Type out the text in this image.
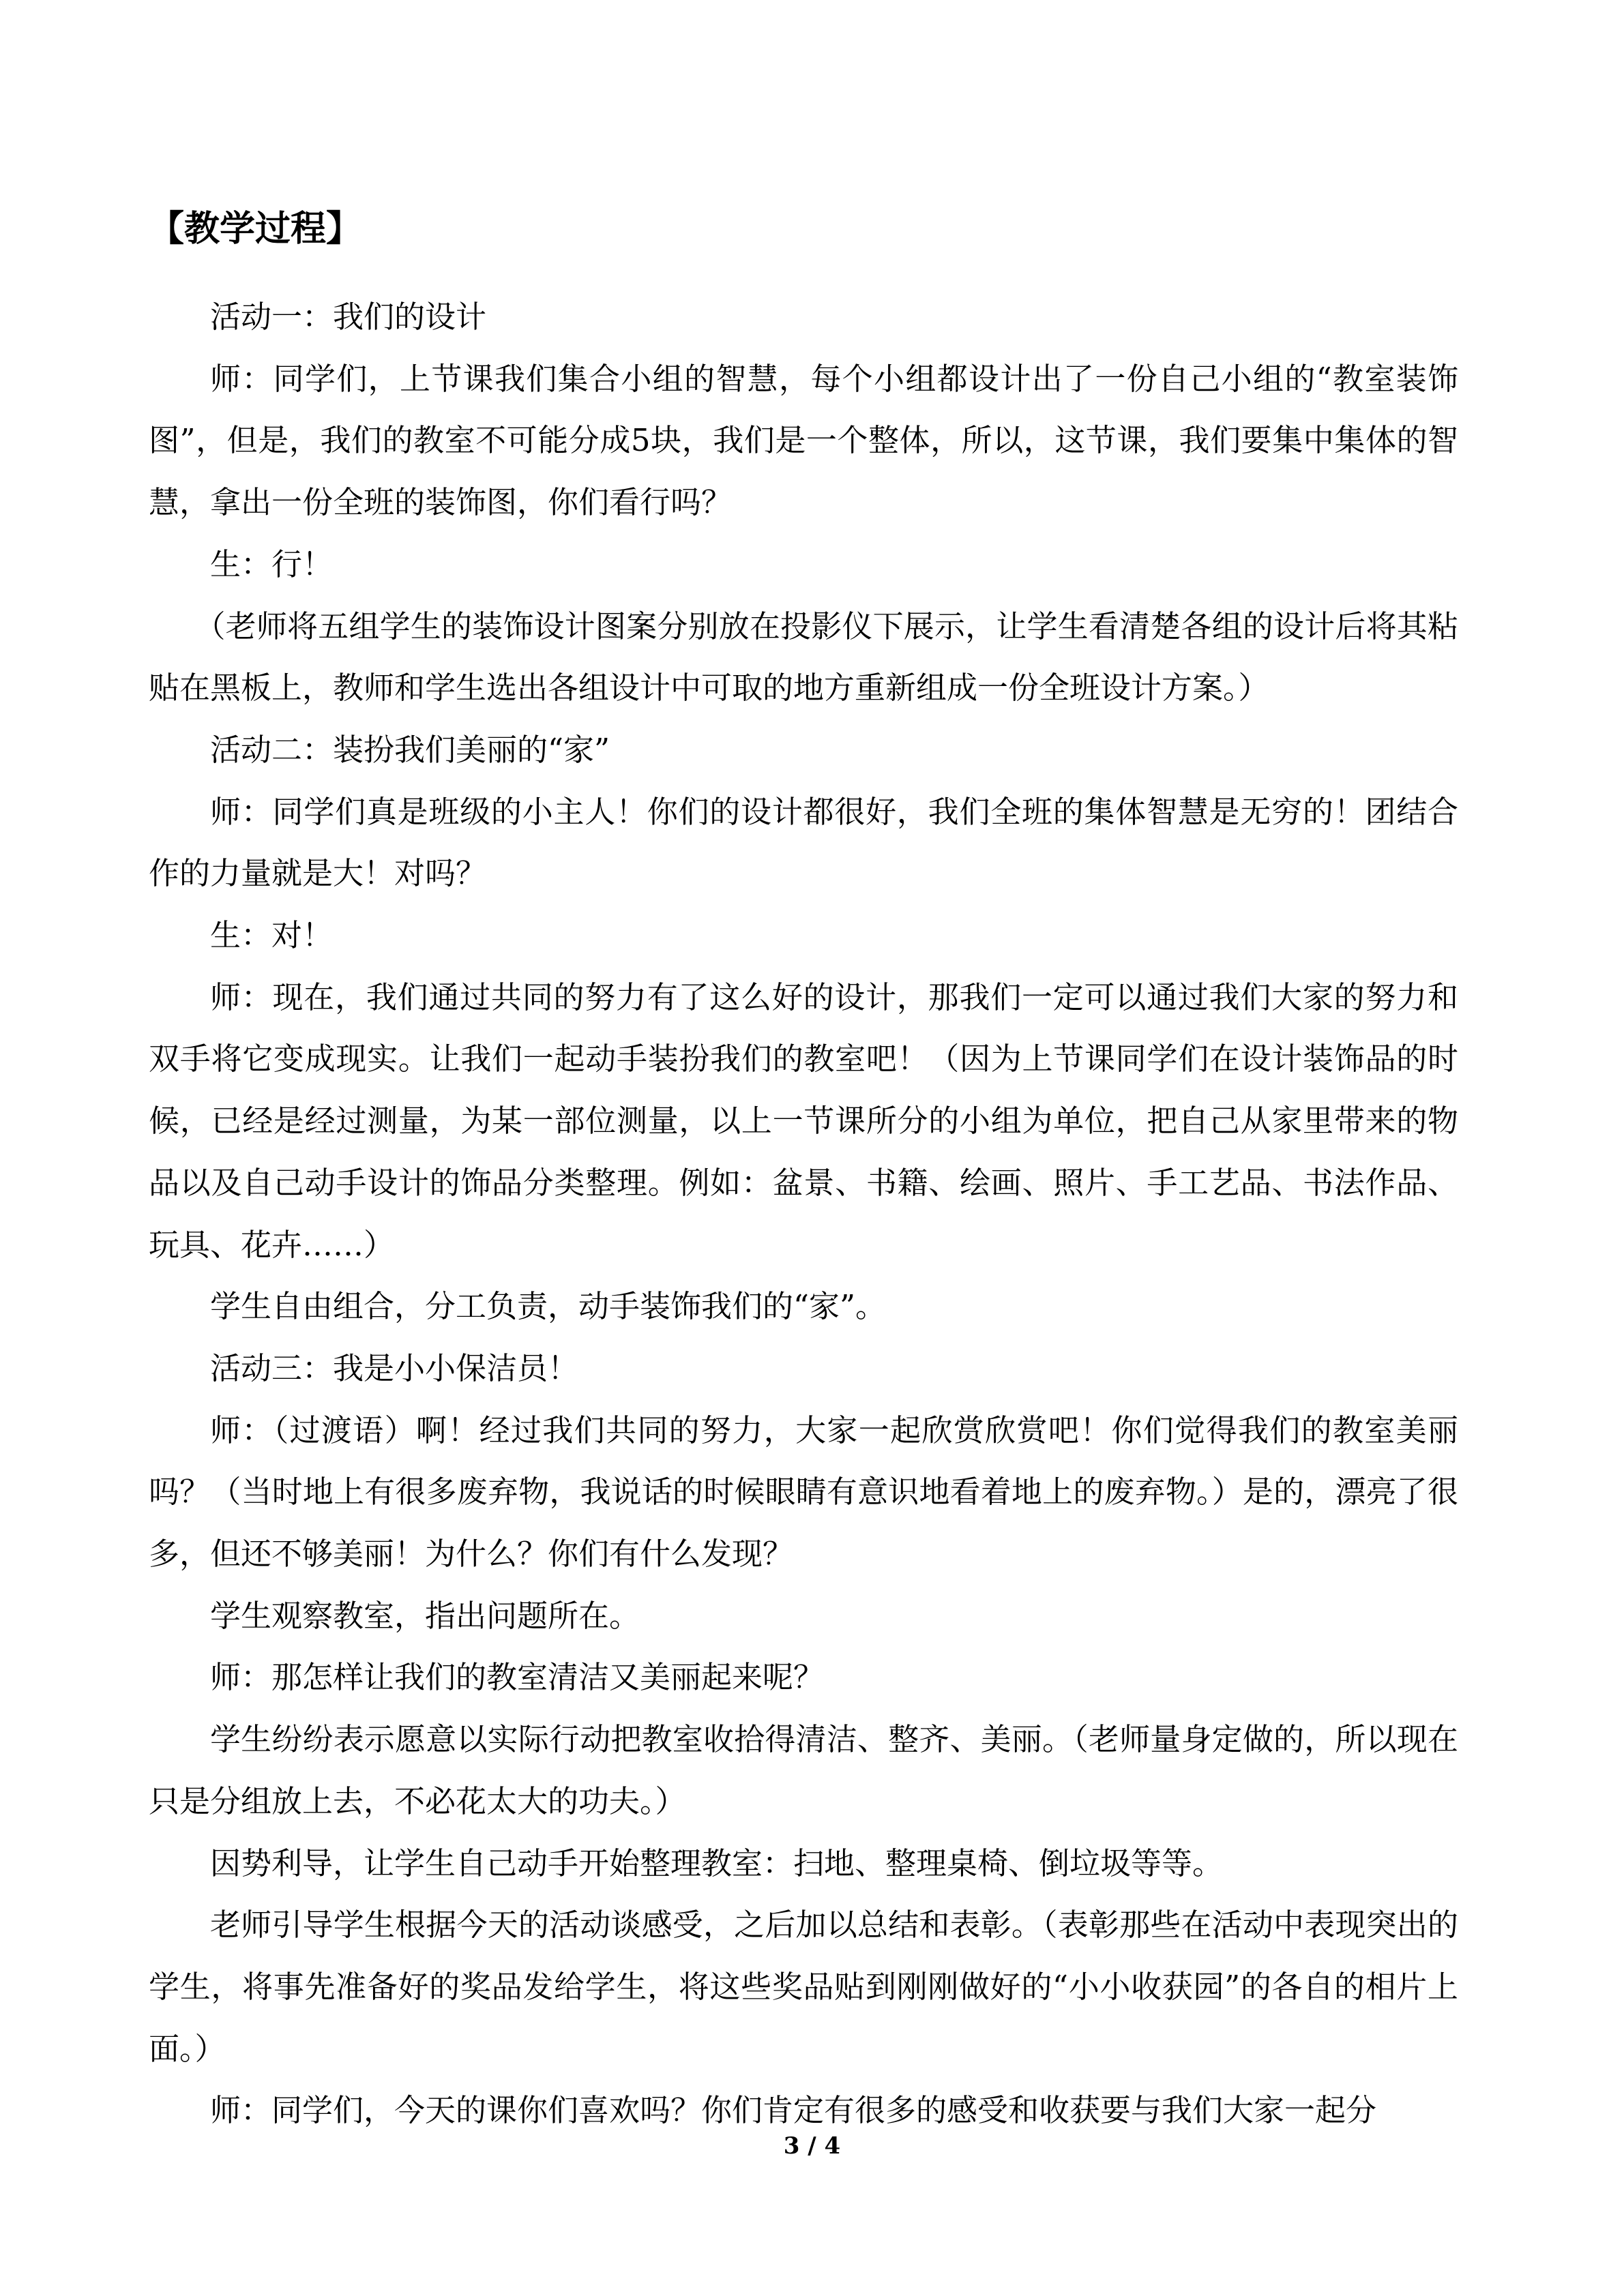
【教学过程】

活动一：我们的设计

师：同学们，上节课我们集合小组的智慧，每个小组都设计出了一份自己小组的“教室装饰图”，但是，我们的教室不可能分成5块，我们是一个整体，所以，这节课，我们要集中集体的智慧，拿出一份全班的装饰图，你们看行吗？

生：行！

（老师将五组学生的装饰设计图案分别放在投影仪下展示，让学生看清楚各组的设计后将其粘贴在黑板上，教师和学生选出各组设计中可取的地方重新组成一份全班设计方案。）

活动二：装扮我们美丽的“家”

师：同学们真是班级的小主人！你们的设计都很好，我们全班的集体智慧是无穷的！团结合作的力量就是大！对吗？

生：对！

师：现在，我们通过共同的努力有了这么好的设计，那我们一定可以通过我们大家的努力和双手将它变成现实。让我们一起动手装扮我们的教室吧！（因为上节课同学们在设计装饰品的时候，已经是经过测量，为某一部位测量，以上一节课所分的小组为单位，把自己从家里带来的物品以及自己动手设计的饰品分类整理。例如：盆景、书籍、绘画、照片、手工艺品、书法作品、玩具、花卉……）

学生自由组合，分工负责，动手装饰我们的“家”。

活动三：我是小小保洁员！

师：（过渡语）啊！经过我们共同的努力，大家一起欣赏欣赏吧！你们觉得我们的教室美丽吗？（当时地上有很多废弃物，我说话的时候眼睛有意识地看着地上的废弃物。）是的，漂亮了很多，但还不够美丽！为什么？你们有什么发现？

学生观察教室，指出问题所在。

师：那怎样让我们的教室清洁又美丽起来呢？

学生纷纷表示愿意以实际行动把教室收拾得清洁、整齐、美丽。（老师量身定做的，所以现在只是分组放上去，不必花太大的功夫。）

因势利导，让学生自己动手开始整理教室：扫地、整理桌椅、倒垃圾等等。

老师引导学生根据今天的活动谈感受，之后加以总结和表彰。（表彰那些在活动中表现突出的学生，将事先准备好的奖品发给学生，将这些奖品贴到刚刚做好的“小小收获园”的各自的相片上面。）

师：同学们，今天的课你们喜欢吗？你们肯定有很多的感受和收获要与我们大家一起分

3 / 4
